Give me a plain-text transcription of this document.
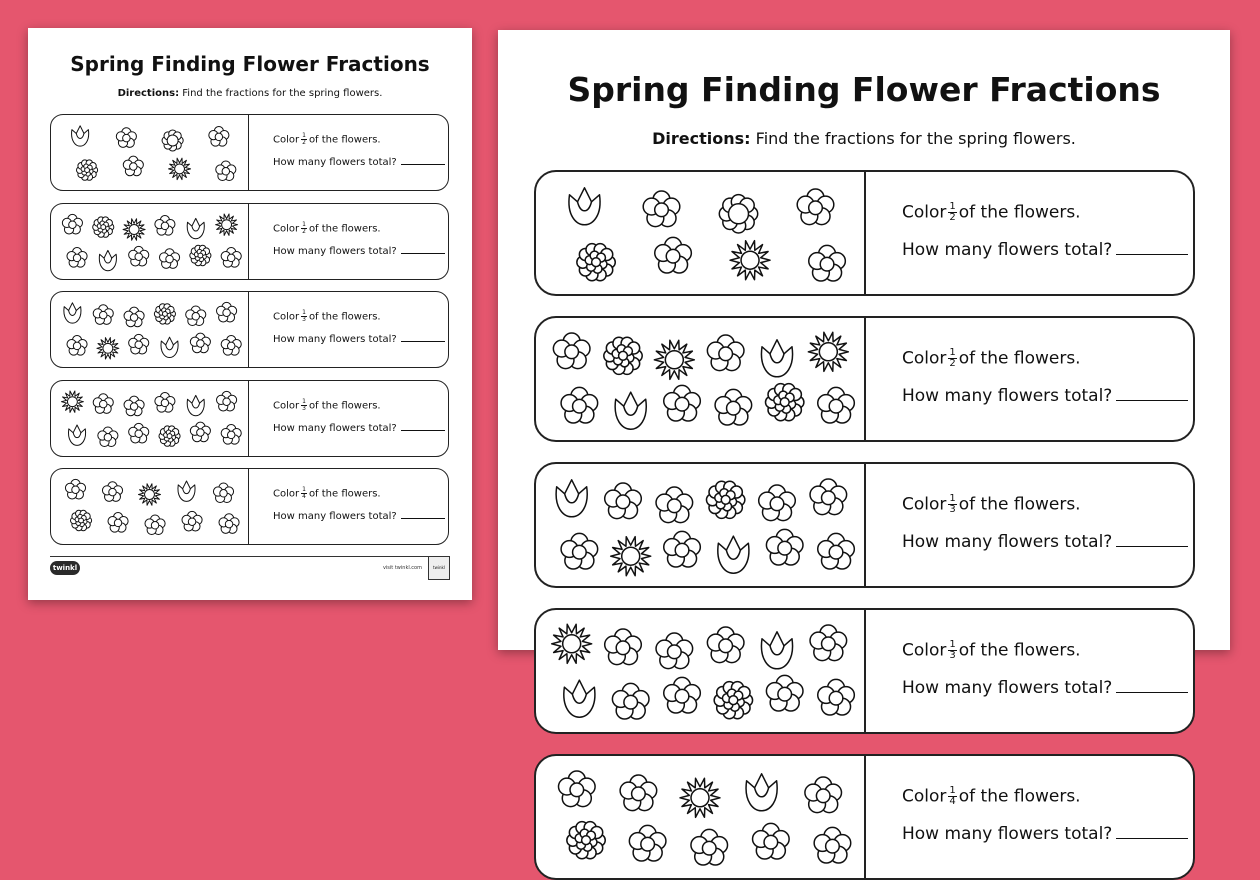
Spring Finding Flower Fractions
Directions: Find the fractions for the spring flowers.
Color $\frac{1}{2}$ of the flowers.
How many flowers total?
Color $\frac{1}{2}$ of the flowers.
How many flowers total?
Color $\frac{1}{3}$ of the flowers.
How many flowers total?
Color $\frac{1}{3}$ of the flowers.
How many flowers total?
Color $\frac{1}{4}$ of the flowers.
How many flowers total?
twinkl	visit twinkl.com	twinkl
Spring Finding Flower Fractions
Directions: Find the fractions for the spring flowers.
Color $\frac{1}{2}$ of the flowers.
How many flowers total?
Color $\frac{1}{2}$ of the flowers.
How many flowers total?
Color $\frac{1}{3}$ of the flowers.
How many flowers total?
Color $\frac{1}{3}$ of the flowers.
How many flowers total?
Color $\frac{1}{4}$ of the flowers.
How many flowers total?
